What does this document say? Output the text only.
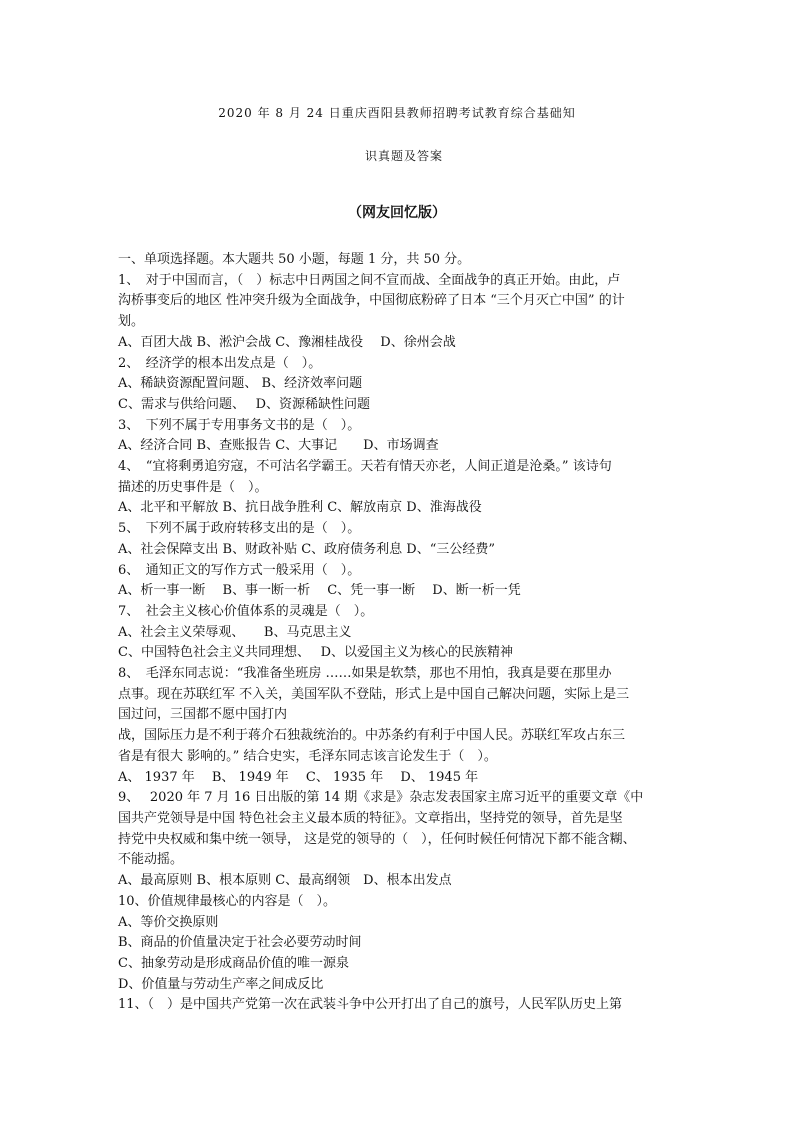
2020 年 8 月 24 日重庆酉阳县教师招聘考试教育综合基础知
识真题及答案
（网友回忆版）
一、单项选择题。本大题共 50 小题，每题 1 分，共 50 分。
1、　对于中国而言，（　）标志中日两国之间不宣而战、全面战争的真正开始。由此，卢
沟桥事变后的地区 性冲突升级为全面战争，中国彻底粉碎了日本 “三个月灭亡中国” 的计
划。
A、百团大战 B、淞沪会战 C、豫湘桂战役　 D、徐州会战
2、　经济学的根本出发点是（　）。
A、稀缺资源配置问题、 B、经济效率问题
C、需求与供给问题、　 D、资源稀缺性问题
3、　下列不属于专用事务文书的是（　）。
A、经济合同 B、查账报告 C、大事记　　D、市场调查
4、　“宜将剩勇追穷寇，不可沽名学霸王。天若有情天亦老，人间正道是沧桑。” 该诗句
描述的历史事件是（　）。
A、北平和平解放 B、抗日战争胜利 C、解放南京 D、淮海战役
5、　下列不属于政府转移支出的是（　）。
A、社会保障支出 B、财政补贴 C、政府债务利息 D、“三公经费”
6、　通知正文的写作方式一般采用（　）。
A、析一事一断　 B、事一断一析　 C、凭一事一断　 D、断一析一凭
7、　社会主义核心价值体系的灵魂是（　）。
A、社会主义荣辱观、　　B、马克思主义
C、中国特色社会主义共同理想、　 D、以爱国主义为核心的民族精神
8、　毛泽东同志说：“我准备坐班房 ……如果是软禁，那也不用怕，我真是要在那里办
点事。现在苏联红军 不入关，美国军队不登陆，形式上是中国自己解决问题，实际上是三
国过问，三国都不愿中国打内
战，国际压力是不利于蒋介石独裁统治的。中苏条约有利于中国人民。苏联红军攻占东三
省是有很大 影响的。” 结合史实，毛泽东同志该言论发生于（　）。
A、 1937 年　 B、 1949 年　 C、 1935 年　 D、 1945 年
9、　 2020 年 7 月 16 日出版的第 14 期《求是》杂志发表国家主席习近平的重要文章《中
国共产党领导是中国 特色社会主义最本质的特征》。文章指出，坚持党的领导，首先是坚
持党中央权威和集中统一领导， 这是党的领导的（　），任何时候任何情况下都不能含糊、
不能动摇。
A、最高原则 B、根本原则 C、最高纲领　D、根本出发点
10、价值规律最核心的内容是（　）。
A、等价交换原则
B、商品的价值量决定于社会必要劳动时间
C、抽象劳动是形成商品价值的唯一源泉
D、价值量与劳动生产率之间成反比
11、（　）是中国共产党第一次在武装斗争中公开打出了自己的旗号，人民军队历史上第
